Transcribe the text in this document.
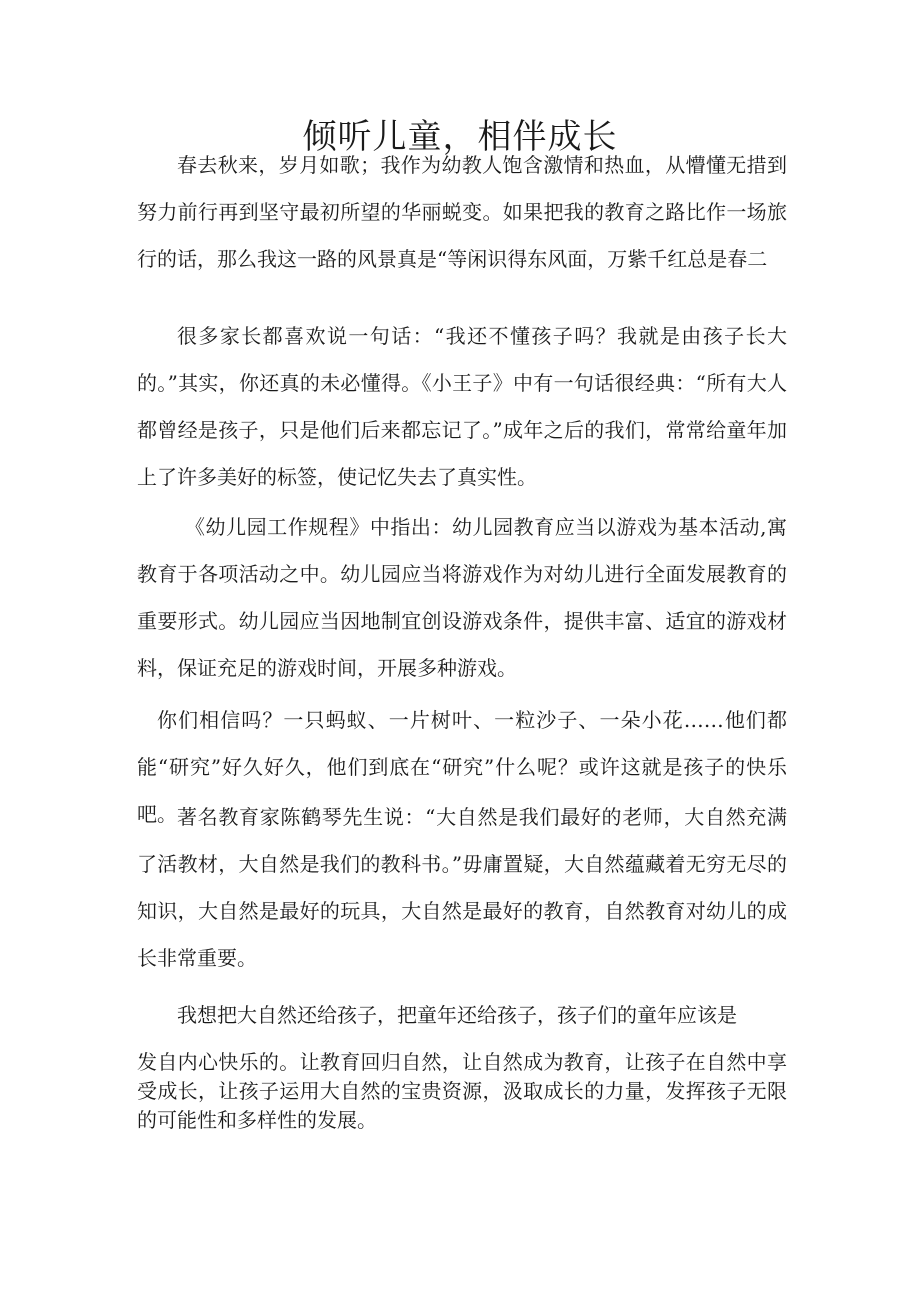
倾听儿童，相伴成长

春去秋来，岁月如歌；我作为幼教人饱含激情和热血，从懵懂无措到努力前行再到坚守最初所望的华丽蜕变。如果把我的教育之路比作一场旅行的话，那么我这一路的风景真是“等闲识得东风面，万紫千红总是春二

很多家长都喜欢说一句话：“我还不懂孩子吗？我就是由孩子长大的。”其实，你还真的未必懂得。《小王子》中有一句话很经典：“所有大人都曾经是孩子，只是他们后来都忘记了。”成年之后的我们，常常给童年加上了许多美好的标签，使记忆失去了真实性。

《幼儿园工作规程》中指出：幼儿园教育应当以游戏为基本活动,寓教育于各项活动之中。幼儿园应当将游戏作为对幼儿进行全面发展教育的重要形式。幼儿园应当因地制宜创设游戏条件，提供丰富、适宜的游戏材料，保证充足的游戏时间，开展多种游戏。

你们相信吗？一只蚂蚁、一片树叶、一粒沙子、一朵小花……他们都能“研究”好久好久，他们到底在“研究”什么呢？或许这就是孩子的快乐吧。 著名教育家陈鹤琴先生说：“大自然是我们最好的老师，大自然充满了活教材，大自然是我们的教科书。”毋庸置疑，大自然蕴藏着无穷无尽的知识，大自然是最好的玩具，大自然是最好的教育，自然教育对幼儿的成长非常重要。

我想把大自然还给孩子，把童年还给孩子，孩子们的童年应该是

发自内心快乐的。让教育回归自然，让自然成为教育，让孩子在自然中享受成长，让孩子运用大自然的宝贵资源，汲取成长的力量，发挥孩子无限的可能性和多样性的发展。
